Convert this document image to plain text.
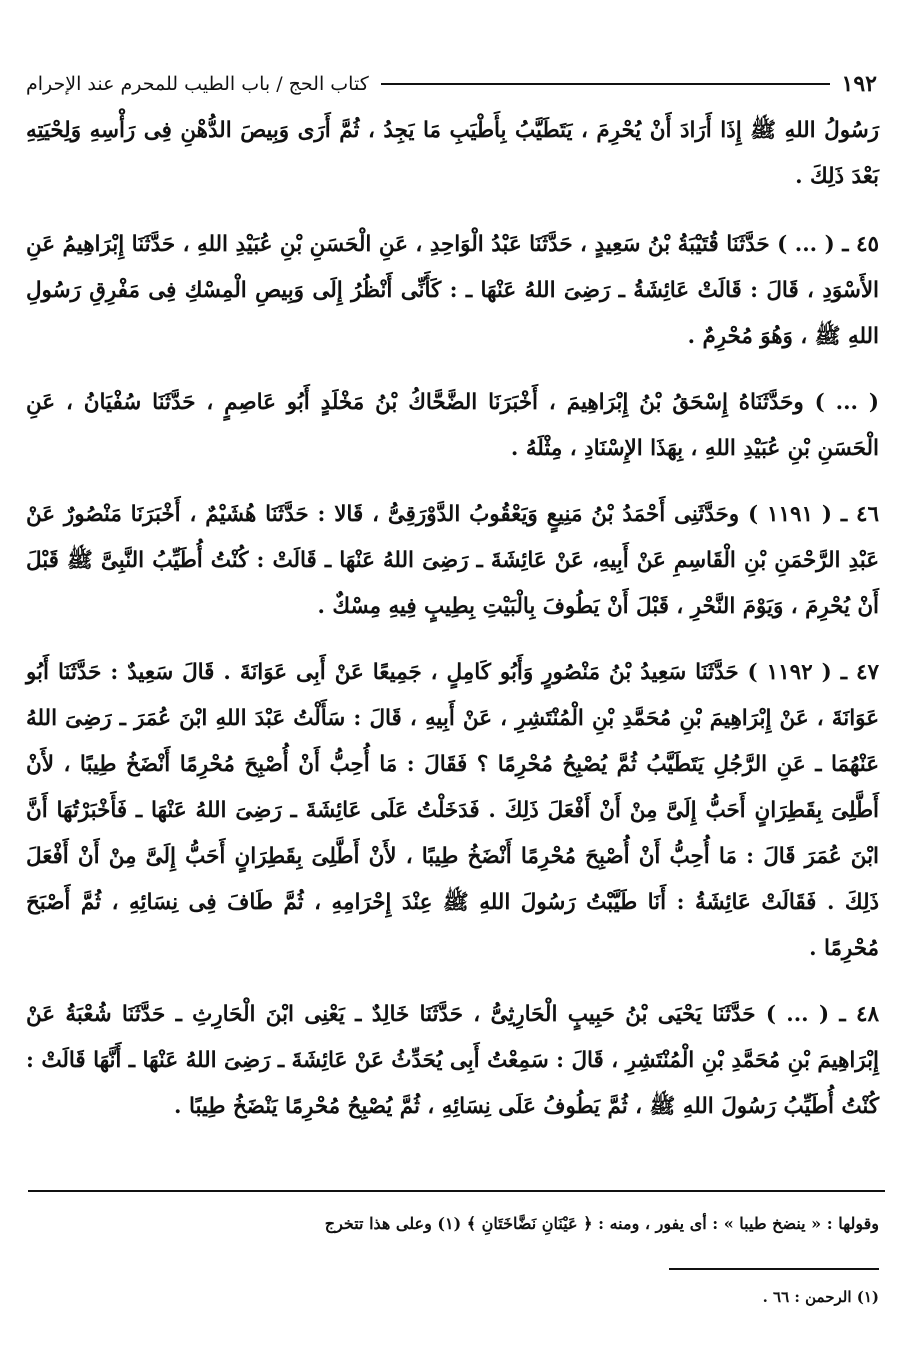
كتاب الحج / باب الطيب للمحرم عند الإحرام	١٩٢

رَسُولُ اللهِ ﷺ إِذَا أَرَادَ أَنْ يُحْرِمَ ، يَتَطَيَّبُ بِأَطْيَبِ مَا يَجِدُ ، ثُمَّ أَرَى وَبِيصَ الدُّهْنِ فِى رَأْسِهِ وَلِحْيَتِهِ بَعْدَ ذَلِكَ .

٤٥ ـ ( ... ) حَدَّثَنَا قُتَيْبَةُ بْنُ سَعِيدٍ ، حَدَّثَنَا عَبْدُ الْوَاحِدِ ، عَنِ الْحَسَنِ بْنِ عُبَيْدِ اللهِ ، حَدَّثَنَا إِبْرَاهِيمُ عَنِ الأَسْوَدِ ، قَالَ : قَالَتْ عَائِشَةُ ـ رَضِىَ اللهُ عَنْهَا ـ : كَأَنِّى أَنْظُرُ إِلَى وَبِيصِ الْمِسْكِ فِى مَفْرِقِ رَسُولِ اللهِ ﷺ ، وَهُوَ مُحْرِمٌ .

( ... ) وحَدَّثَنَاهُ إِسْحَقُ بْنُ إِبْرَاهِيمَ ، أَخْبَرَنَا الضَّحَّاكُ بْنُ مَخْلَدٍ أَبُو عَاصِمٍ ، حَدَّثَنَا سُفْيَانُ ، عَنِ الْحَسَنِ بْنِ عُبَيْدِ اللهِ ، بِهَذَا الإِسْنَادِ ، مِثْلَهُ .

٤٦ ـ ( ١١٩١ ) وحَدَّثَنِى أَحْمَدُ بْنُ مَنِيعٍ وَيَعْقُوبُ الدَّوْرَقِىُّ ، قَالا : حَدَّثَنَا هُشَيْمٌ ، أَخْبَرَنَا مَنْصُورٌ عَنْ عَبْدِ الرَّحْمَنِ بْنِ الْقَاسِمِ عَنْ أَبِيهِ، عَنْ عَائِشَةَ ـ رَضِىَ اللهُ عَنْهَا ـ قَالَتْ : كُنْتُ أُطَيِّبُ النَّبِىَّ ﷺ قَبْلَ أَنْ يُحْرِمَ ، وَيَوْمَ النَّحْرِ ، قَبْلَ أَنْ يَطُوفَ بِالْبَيْتِ بِطِيبٍ فِيهِ مِسْكٌ .

٤٧ ـ ( ١١٩٢ ) حَدَّثَنَا سَعِيدُ بْنُ مَنْصُورٍ وَأَبُو كَامِلٍ ، جَمِيعًا عَنْ أَبِى عَوَانَةَ . قَالَ سَعِيدٌ : حَدَّثَنَا أَبُو عَوَانَةَ ، عَنْ إِبْرَاهِيمَ بْنِ مُحَمَّدِ بْنِ الْمُنْتَشِرِ ، عَنْ أَبِيهِ ، قَالَ : سَأَلْتُ عَبْدَ اللهِ ابْنَ عُمَرَ ـ رَضِىَ اللهُ عَنْهُمَا ـ عَنِ الرَّجُلِ يَتَطَيَّبُ ثُمَّ يُصْبِحُ مُحْرِمًا ؟ فَقَالَ : مَا أُحِبُّ أَنْ أُصْبِحَ مُحْرِمًا أَنْضَخُ طِيبًا ، لأَنْ أَطَّلِىَ بِقَطِرَانٍ أَحَبُّ إِلَىَّ مِنْ أَنْ أَفْعَلَ ذَلِكَ . فَدَخَلْتُ عَلَى عَائِشَةَ ـ رَضِىَ اللهُ عَنْهَا ـ فَأَخْبَرْتُهَا أَنَّ ابْنَ عُمَرَ قَالَ : مَا أُحِبُّ أَنْ أُصْبِحَ مُحْرِمًا أَنْضَخُ طِيبًا ، لأَنْ أَطَّلِىَ بِقَطِرَانٍ أَحَبُّ إِلَىَّ مِنْ أَنْ أَفْعَلَ ذَلِكَ . فَقَالَتْ عَائِشَةُ : أَنَا طَيَّبْتُ رَسُولَ اللهِ ﷺ عِنْدَ إِحْرَامِهِ ، ثُمَّ طَافَ فِى نِسَائِهِ ، ثُمَّ أَصْبَحَ مُحْرِمًا .

٤٨ ـ ( ... ) حَدَّثَنَا يَحْيَى بْنُ حَبِيبٍ الْحَارِثِىُّ ، حَدَّثَنَا خَالِدٌ ـ يَعْنِى ابْنَ الْحَارِثِ ـ حَدَّثَنَا شُعْبَةُ عَنْ إِبْرَاهِيمَ بْنِ مُحَمَّدِ بْنِ الْمُنْتَشِرِ ، قَالَ : سَمِعْتُ أَبِى يُحَدِّثُ عَنْ عَائِشَةَ ـ رَضِىَ اللهُ عَنْهَا ـ أَنَّهَا قَالَتْ : كُنْتُ أُطَيِّبُ رَسُولَ اللهِ ﷺ ، ثُمَّ يَطُوفُ عَلَى نِسَائِهِ ، ثُمَّ يُصْبِحُ مُحْرِمًا يَنْضَخُ طِيبًا .

وقولها : « ينضخ طيبا » : أى يفور ، ومنه : ﴿ عَيْنَانِ نَضَّاخَتَانِ ﴾ (١) وعلى هذا تتخرج
(١) الرحمن : ٦٦ .
